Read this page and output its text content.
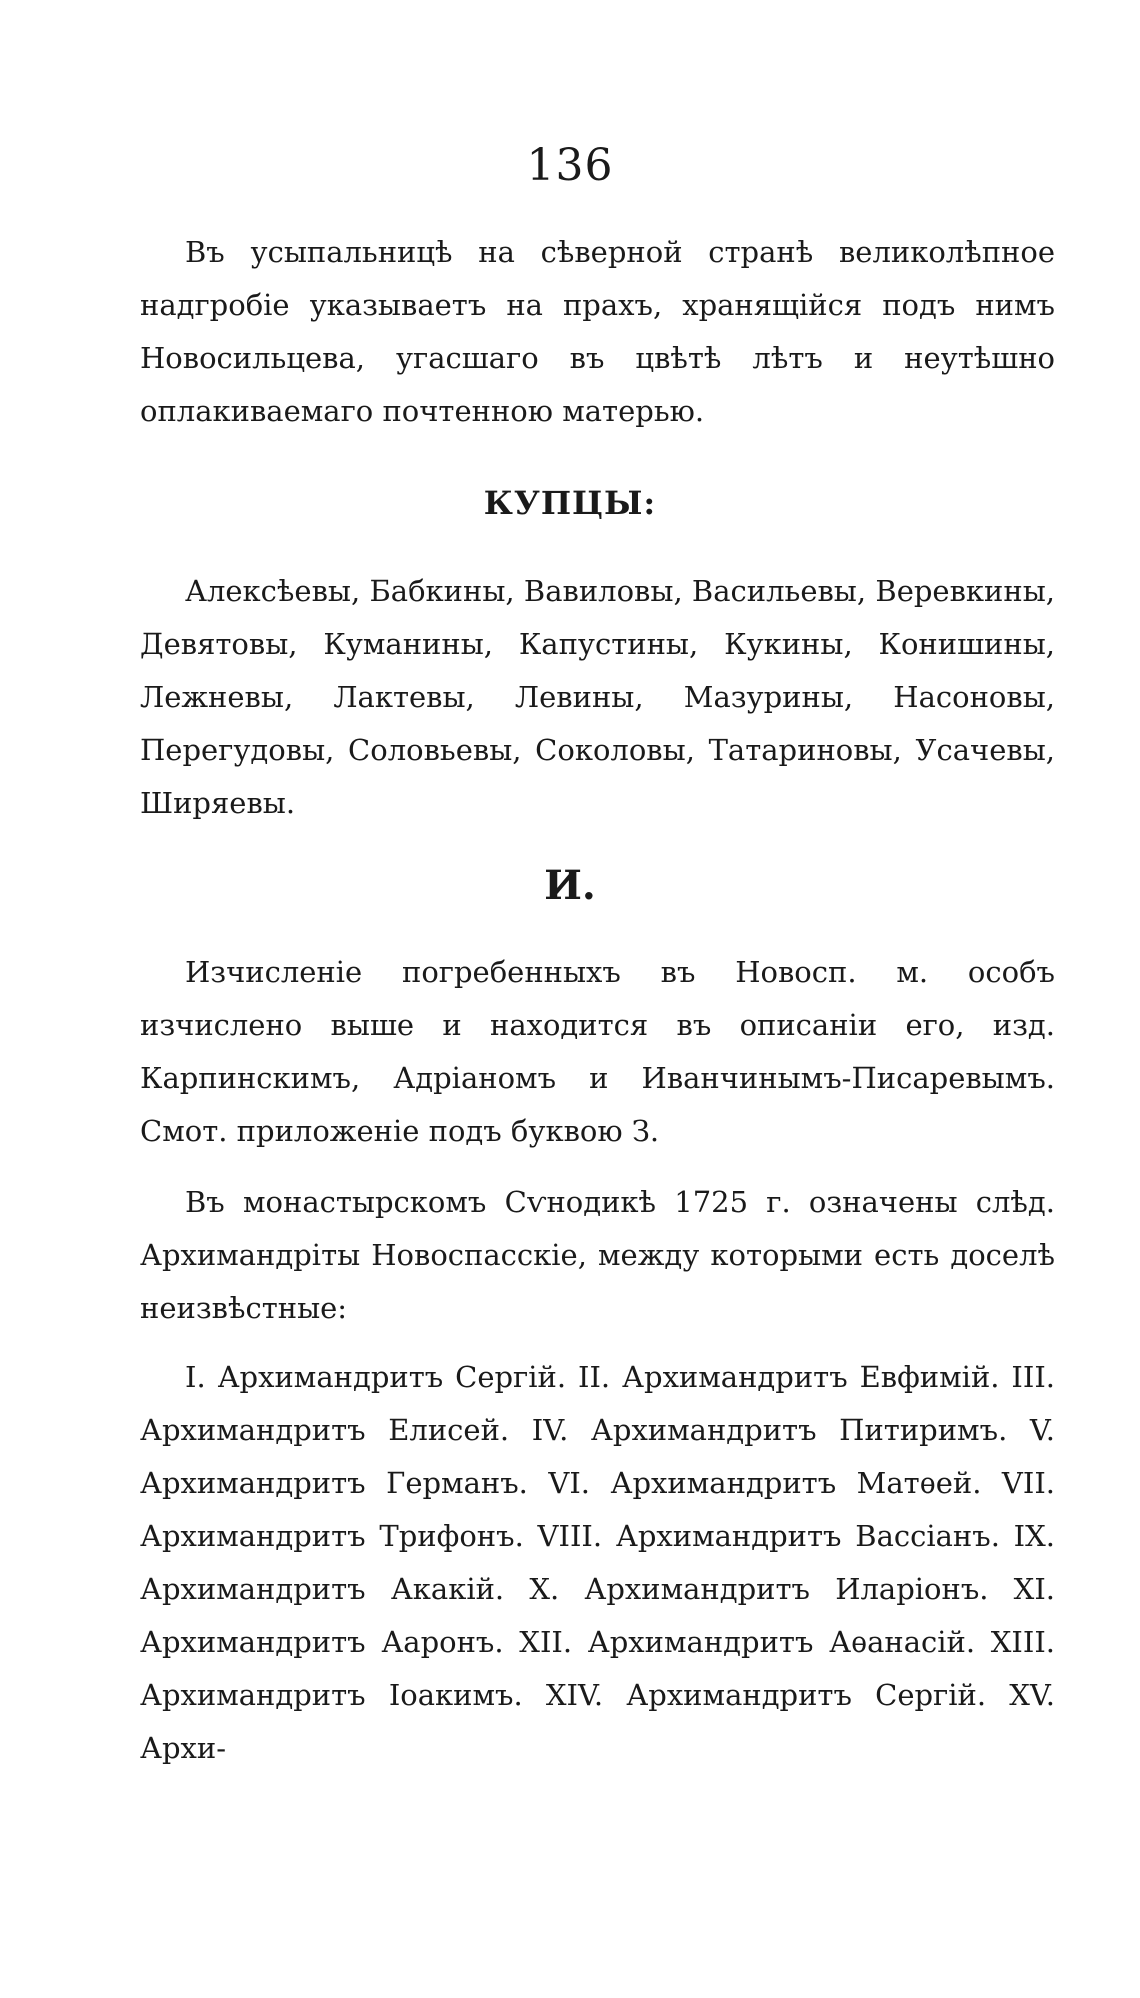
136

Въ усыпальницѣ на сѣверной странѣ великолѣпное надгробіе указываетъ на прахъ, хранящійся подъ нимъ Новосильцева, угасшаго въ цвѣтѣ лѣтъ и неутѣшно оплакиваемаго почтенною матерью.

КУПЦЫ:

Алексѣевы, Бабкины, Вавиловы, Васильевы, Веревкины, Девятовы, Куманины, Капустины, Кукины, Конишины, Лежневы, Лактевы, Левины, Мазурины, Насоновы, Перегудовы, Соловьевы, Соколовы, Татариновы, Усачевы, Ширяевы.

И.

Изчисленіе погребенныхъ въ Новосп. м. особъ изчислено выше и находится въ описаніи его, изд. Карпинскимъ, Адріаномъ и Иванчинымъ-Писаревымъ. Смот. приложеніе подъ буквою З.

Въ монастырскомъ Сѵнодикѣ 1725 г. означены слѣд. Архимандріты Новоспасскіе, между которыми есть доселѣ неизвѣстные:

I. Архимандритъ Сергій. II. Архимандритъ Евфимій. III. Архимандритъ Елисей. IV. Архимандритъ Питиримъ. V. Архимандритъ Германъ. VI. Архимандритъ Матѳей. VII. Архимандритъ Трифонъ. VIII. Архимандритъ Вассіанъ. IX. Архимандритъ Акакій. X. Архимандритъ Иларіонъ. XI. Архимандритъ Ааронъ. XII. Архимандритъ Аѳанасій. XIII. Архимандритъ Іоакимъ. XIV. Архимандритъ Сергій. XV. Архи-
